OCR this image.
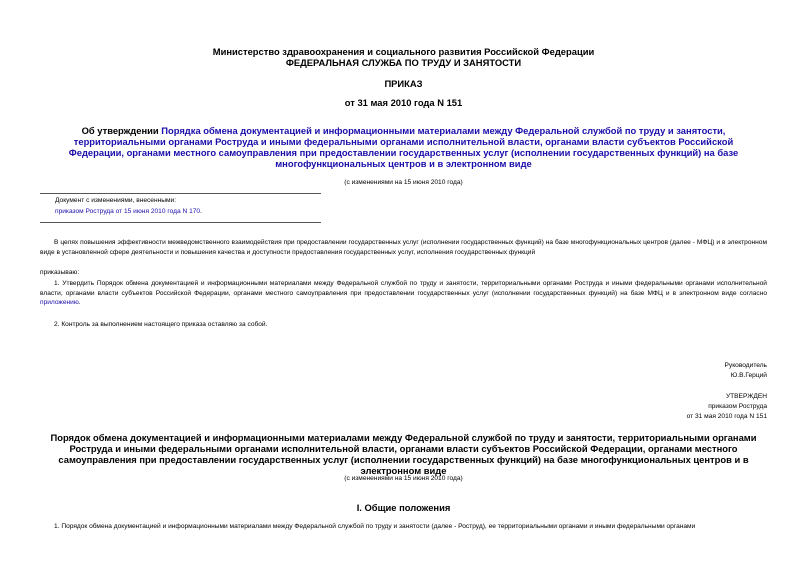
Министерство здравоохранения и социального развития Российской Федерации
ФЕДЕРАЛЬНАЯ СЛУЖБА ПО ТРУДУ И ЗАНЯТОСТИ
ПРИКАЗ
от 31 мая 2010 года N 151
Об утверждении Порядка обмена документацией и информационными материалами между Федеральной службой по труду и занятости, территориальными органами Роструда и иными федеральными органами исполнительной власти, органами власти субъектов Российской Федерации, органами местного самоуправления при предоставлении государственных услуг (исполнении государственных функций) на базе многофункциональных центров и в электронном виде
(с изменениями на 15 июня 2010 года)
Документ с изменениями, внесенными:
приказом Роструда от 15 июня 2010 года N 170.
В целях повышения эффективности межведомственного взаимодействия при предоставлении государственных услуг (исполнении государственных функций) на базе многофункциональных центров (далее - МФЦ) и в электронном виде в установленной сфере деятельности и повышения качества и доступности предоставления государственных услуг, исполнения государственных функций
приказываю:
1. Утвердить Порядок обмена документацией и информационными материалами между Федеральной службой по труду и занятости, территориальными органами Роструда и иными федеральными органами исполнительной власти, органами власти субъектов Российской Федерации, органами местного самоуправления при предоставлении государственных услуг (исполнении государственных функций) на базе МФЦ и в электронном виде согласно приложению.
2. Контроль за выполнением настоящего приказа оставляю за собой.
Руководитель
Ю.В.Герций
УТВЕРЖДЕН
приказом Роструда
от 31 мая 2010 года N 151
Порядок обмена документацией и информационными материалами между Федеральной службой по труду и занятости, территориальными органами Роструда и иными федеральными органами исполнительной власти, органами власти субъектов Российской Федерации, органами местного самоуправления при предоставлении государственных услуг (исполнении государственных функций) на базе многофункциональных центров и в электронном виде
(с изменениями на 15 июня 2010 года)
I. Общие положения
1. Порядок обмена документацией и информационными материалами между Федеральной службой по труду и занятости (далее - Роструд), ее территориальными органами и иными федеральными органами
